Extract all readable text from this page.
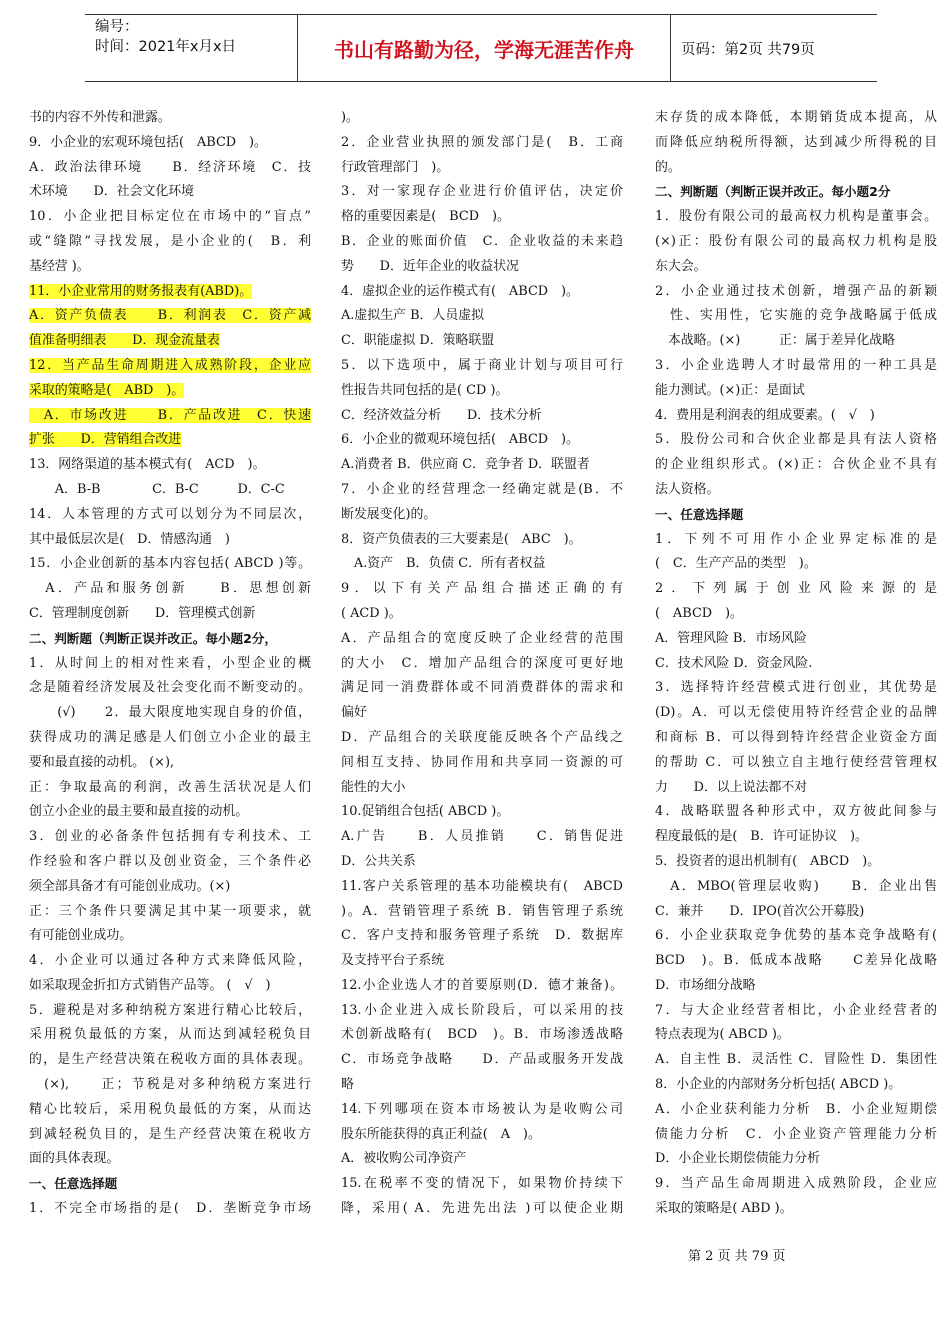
编号：
时间：2021年x月x日	书山有路勤为径，学海无涯苦作舟	页码：第2页 共79页
书的内容不外传和泄露。
9．小企业的宏观环境包括(　ABCD　)。
A．政治法律环境　　B．经济环境　C．技
术环境　　D．社会文化环境
10．小企业把目标定位在市场中的“盲点”
或“缝隙”寻找发展，是小企业的(　B．利
基经营 )。
11．小企业常用的财务报表有(ABD)。
A．资产负债表　　B．利润表　C．资产减
值准备明细表　　D．现金流量表
12．当产品生命周期进入成熟阶段，企业应
采取的策略是(　ABD　)。
　A．市场改进　　B．产品改进　C．快速
扩张　　D．营销组合改进
13．网络渠道的基本模式有(　ACD　)。
　　A．B-B　　　　C．B-C　　　D．C-C
14．人本管理的方式可以划分为不同层次，
其中最低层次是(　D．情感沟通　)
15．小企业创新的基本内容包括( ABCD )等。
　A．产品和服务创新　　B．思想创新
C．管理制度创新　　D．管理模式创新
二、判断题（判断正误并改正。每小题2分，
1．从时间上的相对性来看，小型企业的概
念是随着经济发展及社会变化而不断变动的。
　　(√)　　2．最大限度地实现自身的价值，
获得成功的满足感是人们创立小企业的最主
要和最直接的动机。 (×),
正：争取最高的利润，改善生活状况是人们
创立小企业的最主要和最直接的动机。
3．创业的必备条件包括拥有专利技术、工
作经验和客户群以及创业资金，三个条件必
须全部具备才有可能创业成功。(×)
正：三个条件只要满足其中某一项要求，就
有可能创业成功。
4．小企业可以通过各种方式来降低风险，
如采取现金折扣方式销售产品等。 (　√　)
5．避税是对多种纳税方案进行精心比较后，
采用税负最低的方案，从而达到减轻税负目
的，是生产经营决策在税收方面的具体表现。
　(×),　　正；节税是对多种纳税方案进行
精心比较后，采用税负最低的方案，从而达
到减轻税负目的，是生产经营决策在税收方
面的具体表现。
一、任意选择题
1．不完全市场指的是(　D．垄断竞争市场
)。
2．企业营业执照的颁发部门是(　B．工商
行政管理部门　)。
3．对一家现存企业进行价值评估，决定价
格的重要因素是(　BCD　)。
B．企业的账面价值　C．企业收益的未来趋
势　　D．近年企业的收益状况
4．虚拟企业的运作模式有(　ABCD　)。
A.虚拟生产 B．人员虚拟
C．职能虚拟 D．策略联盟
5．以下选项中，属于商业计划与项目可行
性报告共同包括的是( CD )。
C．经济效益分析　　D．技术分析
6．小企业的微观环境包括(　ABCD　)。
A.消费者 B．供应商 C．竞争者 D．联盟者
7．小企业的经营理念一经确定就是(B．不
断发展变化)的。
8．资产负债表的三大要素是(　ABC　)。
　A.资产　B．负债 C．所有者权益
9．以下有关产品组合描述正确的有
( ACD )。
A．产品组合的宽度反映了企业经营的范围
的大小　C．增加产品组合的深度可更好地
满足同一消费群体或不同消费群体的需求和
偏好
D．产品组合的关联度能反映各个产品线之
间相互支持、协同作用和共享同一资源的可
能性的大小
10.促销组合包括( ABCD )。
A.广告　　B．人员推销　　C．销售促进
D．公共关系
11.客户关系管理的基本功能模块有(　ABCD
)。A．营销管理子系统 B．销售管理子系统
C．客户支持和服务管理子系统　D．数据库
及支持平台子系统
12.小企业选人才的首要原则(D．德才兼备)。
13.小企业进入成长阶段后，可以采用的技
术创新战略有(　BCD　)。B．市场渗透战略
C．市场竞争战略　　D．产品或服务开发战
略
14.下列哪项在资本市场被认为是收购公司
股东所能获得的真正利益(　A　)。
A．被收购公司净资产
15.在税率不变的情况下，如果物价持续下
降，采用( A．先进先出法 )可以使企业期
末存货的成本降低，本期销货成本提高，从
而降低应纳税所得额，达到减少所得税的目
的。
二、判断题（判断正误并改正。每小题2分
1．股份有限公司的最高权力机构是董事会。
(×)正：股份有限公司的最高权力机构是股
东大会。
2．小企业通过技术创新，增强产品的新颖
　性、实用性，它实施的竞争战略属于低成
　本战略。(×)　　　正：属于差异化战略
3．小企业选聘人才时最常用的一种工具是
能力测试。(×)正：是面试
4．费用是利润表的组成要素。(　√　)
5．股份公司和合伙企业都是具有法人资格
的企业组织形式。(×)正：合伙企业不具有
法人资格。
一、任意选择题
1．下列不可用作小企业界定标准的是
(　C．生产产品的类型　)。
2．下列属于创业风险来源的是
(　ABCD　)。
A．管理风险 B．市场风险
C．技术风险 D．资金风险.
3．选择特许经营模式进行创业，其优势是
(D)。A．可以无偿使用特许经营企业的品牌
和商标 B．可以得到特许经营企业资金方面
的帮助 C．可以独立自主地行使经营管理权
力　　D．以上说法都不对
4．战略联盟各种形式中，双方彼此间参与
程度最低的是(　B．许可证协议　)。
5．投资者的退出机制有(　ABCD　)。
　A．MBO(管理层收购)　　B．企业出售
C．兼并　　D．IPO(首次公开募股)
6．小企业获取竞争优势的基本竞争战略有(
BCD　)。B．低成本战略　　C差异化战略
D．市场细分战略
7．与大企业经营者相比，小企业经营者的
特点表现为( ABCD )。
A．自主性 B．灵活性 C．冒险性 D．集团性
8．小企业的内部财务分析包括( ABCD )。
A．小企业获利能力分析　B．小企业短期偿
债能力分析　C．小企业资产管理能力分析
D．小企业长期偿债能力分析
9．当产品生命周期进入成熟阶段，企业应
采取的策略是( ABD )。
第 2 页 共 79 页
